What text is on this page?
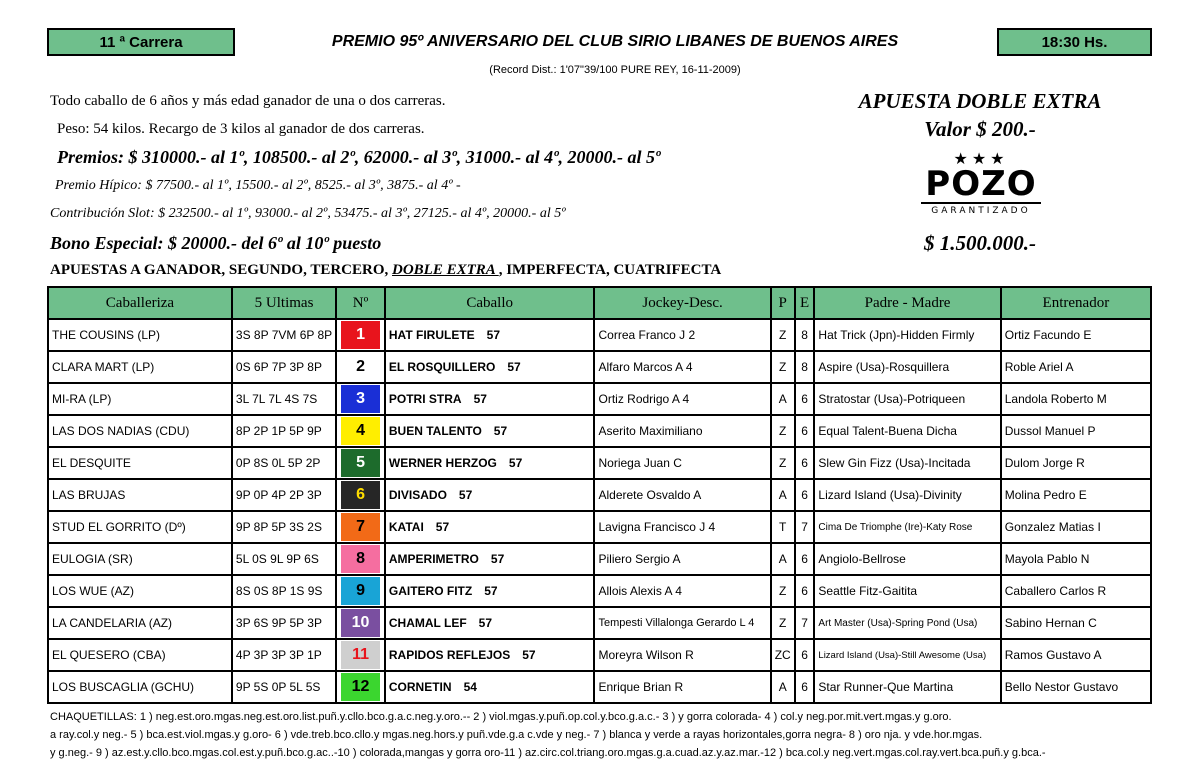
11 ª Carrera	PREMIO 95º ANIVERSARIO DEL CLUB SIRIO LIBANES DE BUENOS AIRES	18:30 Hs.
(Record Dist.: 1'07"39/100 PURE REY, 16-11-2009)
Todo caballo de 6 años y más edad ganador de una o dos carreras.
Peso: 54 kilos. Recargo de 3 kilos al ganador de dos carreras.
Premios: $ 310000.- al 1º, 108500.- al 2º, 62000.- al 3º, 31000.- al 4º, 20000.- al 5º
Premio Hípico: $ 77500.- al 1º, 15500.- al 2º, 8525.- al 3º, 3875.- al 4º -
Contribución Slot: $ 232500.- al 1º, 93000.- al 2º, 53475.- al 3º, 27125.- al 4º, 20000.- al 5º
Bono Especial: $ 20000.- del 6º al 10º puesto
APUESTAS A GANADOR, SEGUNDO, TERCERO, DOBLE EXTRA , IMPERFECTA, CUATRIFECTA
APUESTA DOBLE EXTRA
Valor $ 200.-
★★★
POZO
GARANTIZADO
$ 1.500.000.-
Caballeriza	5 Ultimas	Nº	Caballo	Jockey-Desc.	P	E	Padre - Madre	Entrenador
THE COUSINS (LP)	3S 8P 7VM 6P 8P	1	HAT FIRULETE 57	Correa Franco J 2	Z	8	Hat Trick (Jpn)-Hidden Firmly	Ortiz Facundo E
CLARA MART (LP)	0S 6P 7P 3P 8P	2	EL ROSQUILLERO 57	Alfaro Marcos A 4	Z	8	Aspire (Usa)-Rosquillera	Roble Ariel A
MI-RA (LP)	3L 7L 7L 4S 7S	3	POTRI STRA 57	Ortiz Rodrigo A 4	A	6	Stratostar (Usa)-Potriqueen	Landola Roberto M
LAS DOS NADIAS (CDU)	8P 2P 1P 5P 9P	4	BUEN TALENTO 57	Aserito Maximiliano	Z	6	Equal Talent-Buena Dicha	Dussol Manuel P
EL DESQUITE	0P 8S 0L 5P 2P	5	WERNER HERZOG 57	Noriega Juan C	Z	6	Slew Gin Fizz (Usa)-Incitada	Dulom Jorge R
LAS BRUJAS	9P 0P 4P 2P 3P	6	DIVISADO 57	Alderete Osvaldo A	A	6	Lizard Island (Usa)-Divinity	Molina Pedro E
STUD EL GORRITO (Dº)	9P 8P 5P 3S 2S	7	KATAI 57	Lavigna Francisco J 4	T	7	Cima De Triomphe (Ire)-Katy Rose	Gonzalez Matias I
EULOGIA (SR)	5L 0S 9L 9P 6S	8	AMPERIMETRO 57	Piliero Sergio A	A	6	Angiolo-Bellrose	Mayola Pablo N
LOS WUE (AZ)	8S 0S 8P 1S 9S	9	GAITERO FITZ 57	Allois Alexis A 4	Z	6	Seattle Fitz-Gaitita	Caballero Carlos R
LA CANDELARIA (AZ)	3P 6S 9P 5P 3P	10	CHAMAL LEF 57	Tempesti Villalonga Gerardo L 4	Z	7	Art Master (Usa)-Spring Pond (Usa)	Sabino Hernan C
EL QUESERO (CBA)	4P 3P 3P 3P 1P	11	RAPIDOS REFLEJOS 57	Moreyra Wilson R	ZC	6	Lizard Island (Usa)-Still Awesome (Usa)	Ramos Gustavo A
LOS BUSCAGLIA (GCHU)	9P 5S 0P 5L 5S	12	CORNETIN 54	Enrique Brian R	A	6	Star Runner-Que Martina	Bello Nestor Gustavo
CHAQUETILLAS: 1 ) neg.est.oro.mgas.neg.est.oro.list.puñ.y.cllo.bco.g.a.c.neg.y.oro.-- 2 ) viol.mgas.y.puñ.op.col.y.bco.g.a.c.- 3 ) y gorra colorada- 4 ) col.y neg.por.mit.vert.mgas.y g.oro.
a ray.col.y neg.- 5 ) bca.est.viol.mgas.y g.oro- 6 ) vde.treb.bco.cllo.y mgas.neg.hors.y puñ.vde.g.a c.vde y neg.- 7 ) blanca y verde a rayas horizontales,gorra negra- 8 ) oro nja. y vde.hor.mgas.
y g.neg.- 9 ) az.est.y.cllo.bco.mgas.col.est.y.puñ.bco.g.ac..-10 ) colorada,mangas y gorra oro-11 ) az.circ.col.triang.oro.mgas.g.a.cuad.az.y.az.mar.-12 ) bca.col.y neg.vert.mgas.col.ray.vert.bca.puñ.y g.bca.-
